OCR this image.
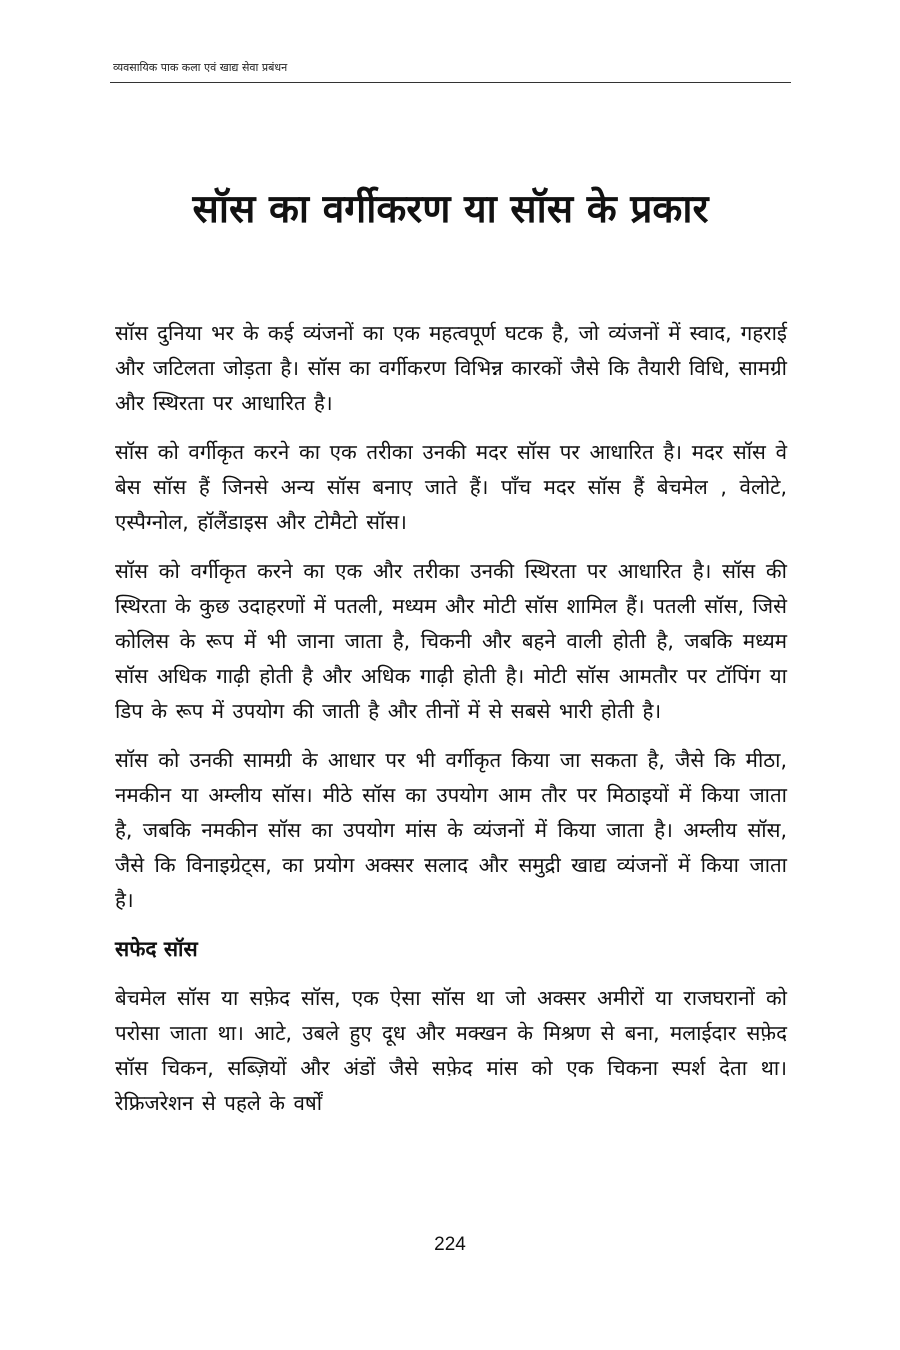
व्यवसायिक पाक कला एवं खाद्य सेवा प्रबंधन
सॉस का वर्गीकरण या सॉस के प्रकार

सॉस दुनिया भर के कई व्यंजनों का एक महत्वपूर्ण घटक है, जो व्यंजनों में स्वाद, गहराई और जटिलता जोड़ता है। सॉस का वर्गीकरण विभिन्न कारकों जैसे कि तैयारी विधि, सामग्री और स्थिरता पर आधारित है।

सॉस को वर्गीकृत करने का एक तरीका उनकी मदर सॉस पर आधारित है। मदर सॉस वे बेस सॉस हैं जिनसे अन्य सॉस बनाए जाते हैं। पाँच मदर सॉस हैं बेचमेल , वेलोटे, एस्पैग्नोल, हॉलैंडाइस और टोमैटो सॉस।

सॉस को वर्गीकृत करने का एक और तरीका उनकी स्थिरता पर आधारित है। सॉस की स्थिरता के कुछ उदाहरणों में पतली, मध्यम और मोटी सॉस शामिल हैं। पतली सॉस, जिसे कोलिस के रूप में भी जाना जाता है, चिकनी और बहने वाली होती है, जबकि मध्यम सॉस अधिक गाढ़ी होती है और अधिक गाढ़ी होती है। मोटी सॉस आमतौर पर टॉपिंग या डिप के रूप में उपयोग की जाती है और तीनों में से सबसे भारी होती है।

सॉस को उनकी सामग्री के आधार पर भी वर्गीकृत किया जा सकता है, जैसे कि मीठा, नमकीन या अम्लीय सॉस। मीठे सॉस का उपयोग आम तौर पर मिठाइयों में किया जाता है, जबकि नमकीन सॉस का उपयोग मांस के व्यंजनों में किया जाता है। अम्लीय सॉस, जैसे कि विनाइग्रेट्स, का प्रयोग अक्सर सलाद और समुद्री खाद्य व्यंजनों में किया जाता है।

सफेद सॉस

बेचमेल सॉस या सफ़ेद सॉस, एक ऐसा सॉस था जो अक्सर अमीरों या राजघरानों को परोसा जाता था। आटे, उबले हुए दूध और मक्खन के मिश्रण से बना, मलाईदार सफ़ेद सॉस चिकन, सब्ज़ियों और अंडों जैसे सफ़ेद मांस को एक चिकना स्पर्श देता था। रेफ्रिजरेशन से पहले के वर्षों

224
